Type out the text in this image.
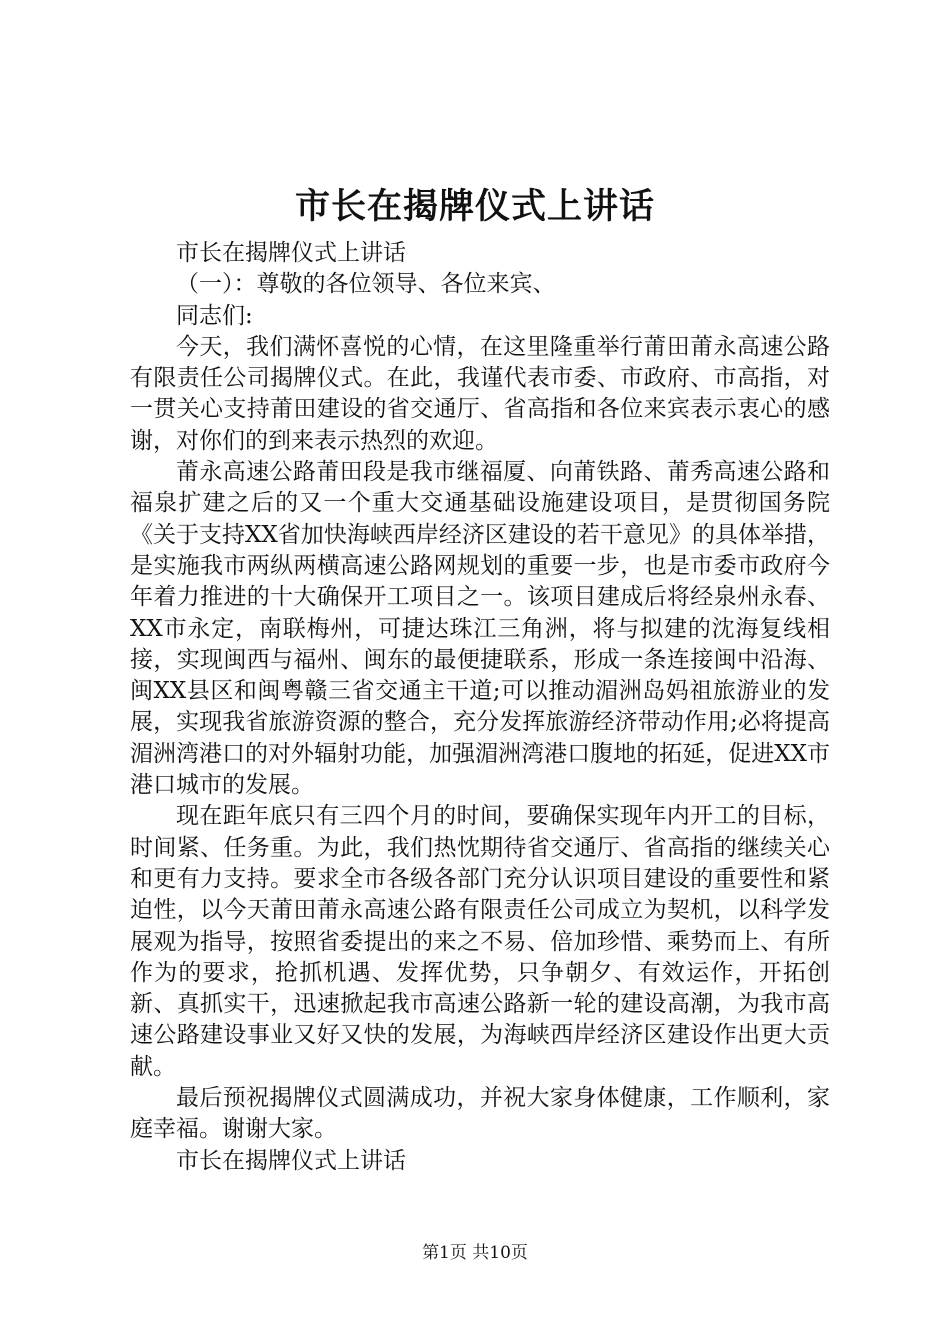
市长在揭牌仪式上讲话

市长在揭牌仪式上讲话

（一）：尊敬的各位领导、各位来宾、

同志们:

今天，我们满怀喜悦的心情，在这里隆重举行莆田莆永高速公路有限责任公司揭牌仪式。在此，我谨代表市委、市政府、市高指，对一贯关心支持莆田建设的省交通厅、省高指和各位来宾表示衷心的感谢，对你们的到来表示热烈的欢迎。

莆永高速公路莆田段是我市继福厦、向莆铁路、莆秀高速公路和福泉扩建之后的又一个重大交通基础设施建设项目，是贯彻国务院《关于支持XX省加快海峡西岸经济区建设的若干意见》的具体举措，是实施我市两纵两横高速公路网规划的重要一步，也是市委市政府今年着力推进的十大确保开工项目之一。该项目建成后将经泉州永春、XX市永定，南联梅州，可捷达珠江三角洲，将与拟建的沈海复线相接，实现闽西与福州、闽东的最便捷联系，形成一条连接闽中沿海、闽XX县区和闽粤赣三省交通主干道;可以推动湄洲岛妈祖旅游业的发展，实现我省旅游资源的整合，充分发挥旅游经济带动作用;必将提高湄洲湾港口的对外辐射功能，加强湄洲湾港口腹地的拓延，促进XX市港口城市的发展。

现在距年底只有三四个月的时间，要确保实现年内开工的目标，时间紧、任务重。为此，我们热忱期待省交通厅、省高指的继续关心和更有力支持。要求全市各级各部门充分认识项目建设的重要性和紧迫性，以今天莆田莆永高速公路有限责任公司成立为契机，以科学发展观为指导，按照省委提出的来之不易、倍加珍惜、乘势而上、有所作为的要求，抢抓机遇、发挥优势，只争朝夕、有效运作，开拓创新、真抓实干，迅速掀起我市高速公路新一轮的建设高潮，为我市高速公路建设事业又好又快的发展，为海峡西岸经济区建设作出更大贡献。

最后预祝揭牌仪式圆满成功，并祝大家身体健康，工作顺利，家庭幸福。谢谢大家。

市长在揭牌仪式上讲话

第1页 共10页
